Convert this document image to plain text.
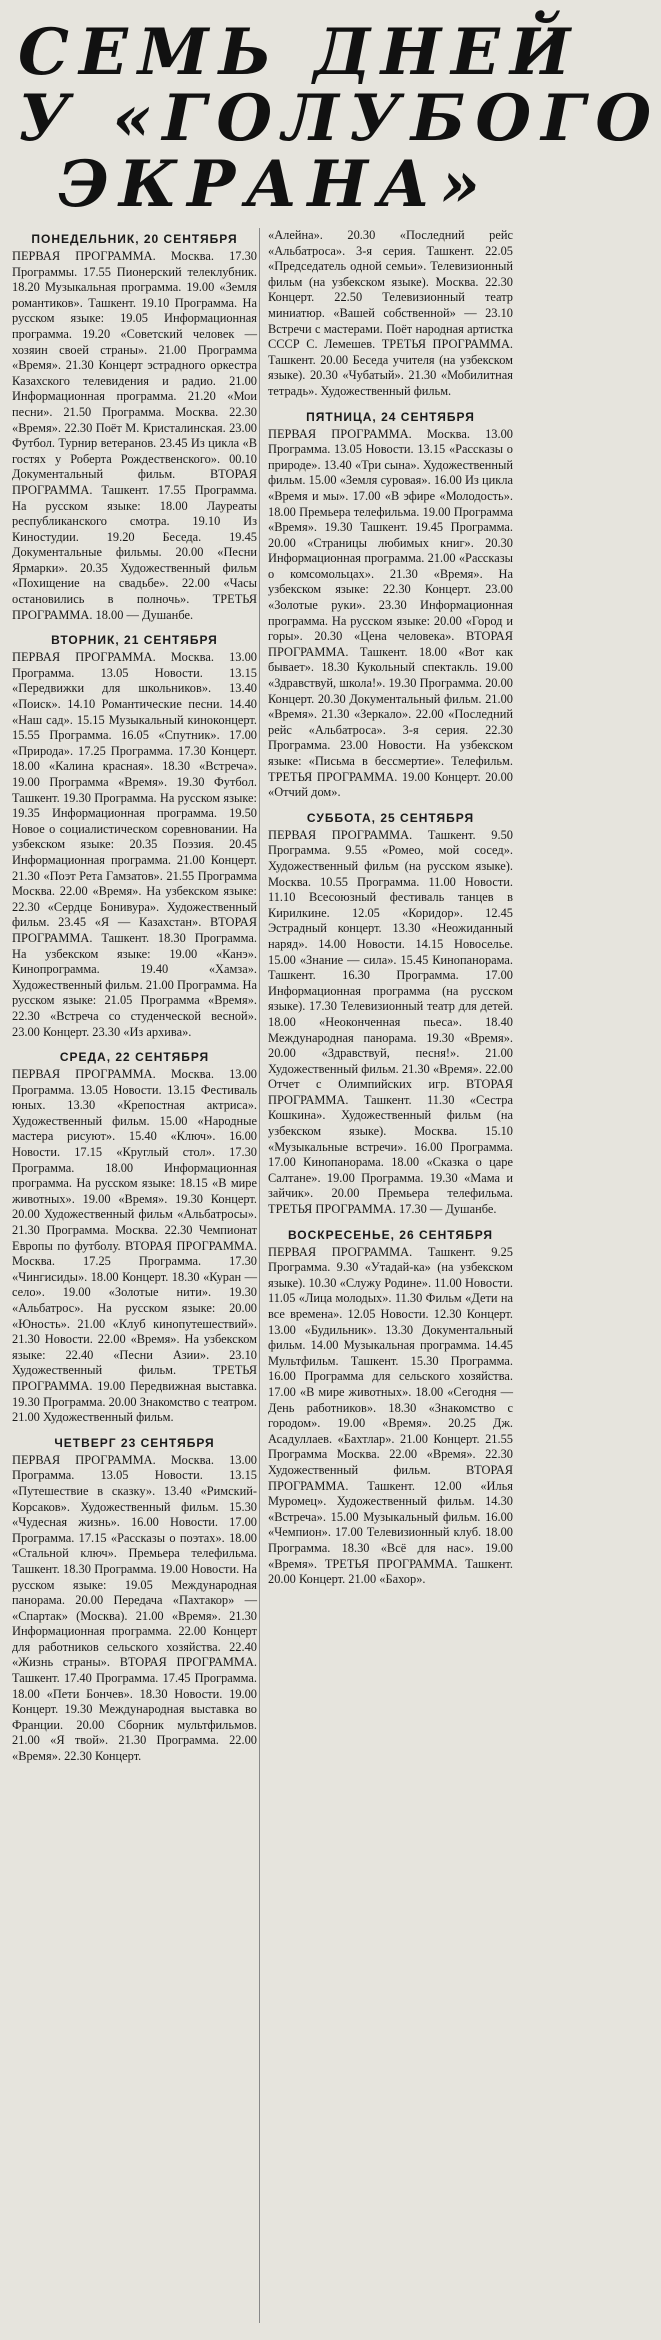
СЕМЬ ДНЕЙ
У «ГОЛУБОГО
ЭКРАНА»
ПОНЕДЕЛЬНИК, 20 СЕНТЯБРЯ

ПЕРВАЯ ПРОГРАММА. Москва. 17.30 Программы. 17.55 Пионерский телеклубник. 18.20 Музыкальная программа. 19.00 «Земля романтиков». Ташкент. 19.10 Программа. На русском языке: 19.05 Информационная программа. 19.20 «Советский человек — хозяин своей страны». 21.00 Программа «Время». 21.30 Концерт эстрадного оркестра Казахского телевидения и радио. 21.00 Информационная программа. 21.20 «Мои песни». 21.50 Программа. Москва. 22.30 «Время». 22.30 Поёт М. Кристалинская. 23.00 Футбол. Турнир ветеранов. 23.45 Из цикла «В гостях у Роберта Рождественского». 00.10 Документальный фильм. ВТОРАЯ ПРОГРАММА. Ташкент. 17.55 Программа. На русском языке: 18.00 Лауреаты республиканского смотра. 19.10 Из Киностудии. 19.20 Беседа. 19.45 Документальные фильмы. 20.00 «Песни Ярмарки». 20.35 Художественный фильм «Похищение на свадьбе». 22.00 «Часы остановились в полночь». ТРЕТЬЯ ПРОГРАММА. 18.00 — Душанбе.

ВТОРНИК, 21 СЕНТЯБРЯ

ПЕРВАЯ ПРОГРАММА. Москва. 13.00 Программа. 13.05 Новости. 13.15 «Передвижки для школьников». 13.40 «Поиск». 14.10 Романтические песни. 14.40 «Наш сад». 15.15 Музыкальный киноконцерт. 15.55 Программа. 16.05 «Спутник». 17.00 «Природа». 17.25 Программа. 17.30 Концерт. 18.00 «Калина красная». 18.30 «Встреча». 19.00 Программа «Время». 19.30 Футбол. Ташкент. 19.30 Программа. На русском языке: 19.35 Информационная программа. 19.50 Новое о социалистическом соревновании. На узбекском языке: 20.35 Поэзия. 20.45 Информационная программа. 21.00 Концерт. 21.30 «Поэт Рета Гамзатов». 21.55 Программа Москва. 22.00 «Время». На узбекском языке: 22.30 «Сердце Бонивура». Художественный фильм. 23.45 «Я — Казахстан». ВТОРАЯ ПРОГРАММА. Ташкент. 18.30 Программа. На узбекском языке: 19.00 «Канэ». Кинопрограмма. 19.40 «Хамза». Художественный фильм. 21.00 Программа. На русском языке: 21.05 Программа «Время». 22.30 «Встреча со студенческой весной». 23.00 Концерт. 23.30 «Из архива».

СРЕДА, 22 СЕНТЯБРЯ

ПЕРВАЯ ПРОГРАММА. Москва. 13.00 Программа. 13.05 Новости. 13.15 Фестиваль юных. 13.30 «Крепостная актриса». Художественный фильм. 15.00 «Народные мастера рисуют». 15.40 «Ключ». 16.00 Новости. 17.15 «Круглый стол». 17.30 Программа. 18.00 Информационная программа. На русском языке: 18.15 «В мире животных». 19.00 «Время». 19.30 Концерт. 20.00 Художественный фильм «Альбатросы». 21.30 Программа. Москва. 22.30 Чемпионат Европы по футболу. ВТОРАЯ ПРОГРАММА. Москва. 17.25 Программа. 17.30 «Чингисиды». 18.00 Концерт. 18.30 «Куран — село». 19.00 «Золотые нити». 19.30 «Альбатрос». На русском языке: 20.00 «Юность». 21.00 «Клуб кинопутешествий». 21.30 Новости. 22.00 «Время». На узбекском языке: 22.40 «Песни Азии». 23.10 Художественный фильм. ТРЕТЬЯ ПРОГРАММА. 19.00 Передвижная выставка. 19.30 Программа. 20.00 Знакомство с театром. 21.00 Художественный фильм.

ЧЕТВЕРГ 23 СЕНТЯБРЯ

ПЕРВАЯ ПРОГРАММА. Москва. 13.00 Программа. 13.05 Новости. 13.15 «Путешествие в сказку». 13.40 «Римский-Корсаков». Художественный фильм. 15.30 «Чудесная жизнь». 16.00 Новости. 17.00 Программа. 17.15 «Рассказы о поэтах». 18.00 «Стальной ключ». Премьера телефильма. Ташкент. 18.30 Программа. 19.00 Новости. На русском языке: 19.05 Международная панорама. 20.00 Передача «Пахтакор» — «Спартак» (Москва). 21.00 «Время». 21.30 Информационная программа. 22.00 Концерт для работников сельского хозяйства. 22.40 «Жизнь страны». ВТОРАЯ ПРОГРАММА. Ташкент. 17.40 Программа. 17.45 Программа. 18.00 «Пети Бончев». 18.30 Новости. 19.00 Концерт. 19.30 Международная выставка во Франции. 20.00 Сборник мультфильмов. 21.00 «Я твой». 21.30 Программа. 22.00 «Время». 22.30 Концерт.

«Алейна». 20.30 «Последний рейс «Альбатроса». 3-я серия. Ташкент. 22.05 «Председатель одной семьи». Телевизионный фильм (на узбекском языке). Москва. 22.30 Концерт. 22.50 Телевизионный театр миниатюр. «Вашей собственной» — 23.10 Встречи с мастерами. Поёт народная артистка СССР С. Лемешев. ТРЕТЬЯ ПРОГРАММА. Ташкент. 20.00 Беседа учителя (на узбекском языке). 20.30 «Чубатый». 21.30 «Мобилитная тетрадь». Художественный фильм.

ПЯТНИЦА, 24 СЕНТЯБРЯ

ПЕРВАЯ ПРОГРАММА. Москва. 13.00 Программа. 13.05 Новости. 13.15 «Рассказы о природе». 13.40 «Три сына». Художественный фильм. 15.00 «Земля суровая». 16.00 Из цикла «Время и мы». 17.00 «В эфире «Молодость». 18.00 Премьера телефильма. 19.00 Программа «Время». 19.30 Ташкент. 19.45 Программа. 20.00 «Страницы любимых книг». 20.30 Информационная программа. 21.00 «Рассказы о комсомольцах». 21.30 «Время». На узбекском языке: 22.30 Концерт. 23.00 «Золотые руки». 23.30 Информационная программа. На русском языке: 20.00 «Город и горы». 20.30 «Цена человека». ВТОРАЯ ПРОГРАММА. Ташкент. 18.00 «Вот как бывает». 18.30 Кукольный спектакль. 19.00 «Здравствуй, школа!». 19.30 Программа. 20.00 Концерт. 20.30 Документальный фильм. 21.00 «Время». 21.30 «Зеркало». 22.00 «Последний рейс «Альбатроса». 3-я серия. 22.30 Программа. 23.00 Новости. На узбекском языке: «Письма в бессмертие». Телефильм. ТРЕТЬЯ ПРОГРАММА. 19.00 Концерт. 20.00 «Отчий дом».

СУББОТА, 25 СЕНТЯБРЯ

ПЕРВАЯ ПРОГРАММА. Ташкент. 9.50 Программа. 9.55 «Ромео, мой сосед». Художественный фильм (на русском языке). Москва. 10.55 Программа. 11.00 Новости. 11.10 Всесоюзный фестиваль танцев в Кирилкине. 12.05 «Коридор». 12.45 Эстрадный концерт. 13.30 «Неожиданный наряд». 14.00 Новости. 14.15 Новоселье. 15.00 «Знание — сила». 15.45 Кинопанорама. Ташкент. 16.30 Программа. 17.00 Информационная программа (на русском языке). 17.30 Телевизионный театр для детей. 18.00 «Неоконченная пьеса». 18.40 Международная панорама. 19.30 «Время». 20.00 «Здравствуй, песня!». 21.00 Художественный фильм. 21.30 «Время». 22.00 Отчет с Олимпийских игр. ВТОРАЯ ПРОГРАММА. Ташкент. 11.30 «Сестра Кошкина». Художественный фильм (на узбекском языке). Москва. 15.10 «Музыкальные встречи». 16.00 Программа. 17.00 Кинопанорама. 18.00 «Сказка о царе Салтане». 19.00 Программа. 19.30 «Мама и зайчик». 20.00 Премьера телефильма. ТРЕТЬЯ ПРОГРАММА. 17.30 — Душанбе.

ВОСКРЕСЕНЬЕ, 26 СЕНТЯБРЯ

ПЕРВАЯ ПРОГРАММА. Ташкент. 9.25 Программа. 9.30 «Утадай-ка» (на узбекском языке). 10.30 «Служу Родине». 11.00 Новости. 11.05 «Лица молодых». 11.30 Фильм «Дети на все времена». 12.05 Новости. 12.30 Концерт. 13.00 «Будильник». 13.30 Документальный фильм. 14.00 Музыкальная программа. 14.45 Мультфильм. Ташкент. 15.30 Программа. 16.00 Программа для сельского хозяйства. 17.00 «В мире животных». 18.00 «Сегодня — День работников». 18.30 «Знакомство с городом». 19.00 «Время». 20.25 Дж. Асадуллаев. «Бахтлар». 21.00 Концерт. 21.55 Программа Москва. 22.00 «Время». 22.30 Художественный фильм. ВТОРАЯ ПРОГРАММА. Ташкент. 12.00 «Илья Муромец». Художественный фильм. 14.30 «Встреча». 15.00 Музыкальный фильм. 16.00 «Чемпион». 17.00 Телевизионный клуб. 18.00 Программа. 18.30 «Всё для нас». 19.00 «Время». ТРЕТЬЯ ПРОГРАММА. Ташкент. 20.00 Концерт. 21.00 «Бахор».
